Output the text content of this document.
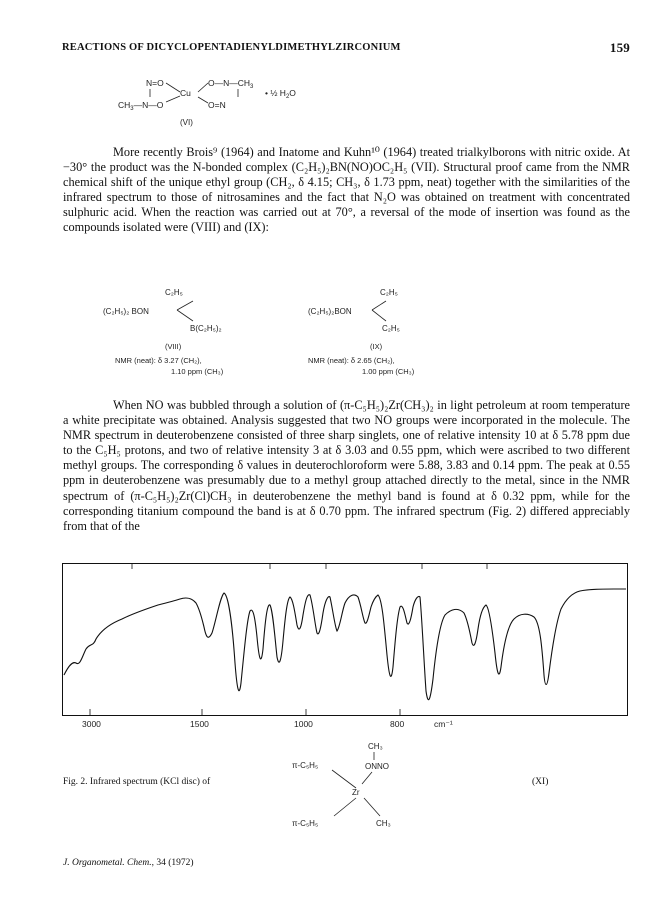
REACTIONS OF DICYCLOPENTADIENYLDIMETHYLZIRCONIUM	159
N=O	$O—N—CH_3$
Cu
$CH_3—N—O$	O=N
• ½ $H_2O$
(VI)

More recently Brois⁹ (1964) and Inatome and Kuhn¹⁰ (1964) treated trialkylborons with nitric oxide. At −30° the product was the N-bonded complex (C₂H₅)₂BN(NO)OC₂H₅ (VII). Structural proof came from the NMR chemical shift of the unique ethyl group (CH₂, δ 4.15; CH₃, δ 1.73 ppm, neat) together with the similarities of the infrared spectrum to those of nitrosamines and the fact that N₂O was obtained on treatment with concentrated sulphuric acid. When the reaction was carried out at 70°, a reversal of the mode of insertion was found as the compounds isolated were (VIII) and (IX):

C₂H₅
(C₂H₅)₂ BON
B(C₂H₅)₂
(VIII)
NMR (neat): δ 3.27 (CH₂),
1.10 ppm (CH₃)
C₂H₅
(C₂H₅)₂BON
C₂H₅
(IX)
NMR (neat): δ 2.65 (CH₂),
1.00 ppm (CH₃)

When NO was bubbled through a solution of (π-C₅H₅)₂Zr(CH₃)₂ in light petroleum at room temperature a white precipitate was obtained. Analysis suggested that two NO groups were incorporated in the molecule. The NMR spectrum in deuterobenzene consisted of three sharp singlets, one of relative intensity 10 at δ 5.78 ppm due to the C₅H₅ protons, and two of relative intensity 3 at δ 3.03 and 0.55 ppm, which were ascribed to two different methyl groups. The corresponding δ values in deuterochloroform were 5.88, 3.83 and 0.14 ppm. The peak at 0.55 ppm in deuterobenzene was presumably due to a methyl group attached directly to the metal, since in the NMR spectrum of (π-C₅H₅)₂Zr(Cl)CH₃ in deuterobenzene the methyl band is found at δ 0.32 ppm, while for the corresponding titanium compound the band is at δ 0.70 ppm. The infrared spectrum (Fig. 2) differed appreciably from that of the

3000	1500	1000	800	cm⁻¹
CH₃
ONNO
π-C₅H₅
Zr
π-C₅H₅	CH₃
Fig. 2. Infrared spectrum (KCl disc) of	(XI)
J. Organometal. Chem., 34 (1972)
